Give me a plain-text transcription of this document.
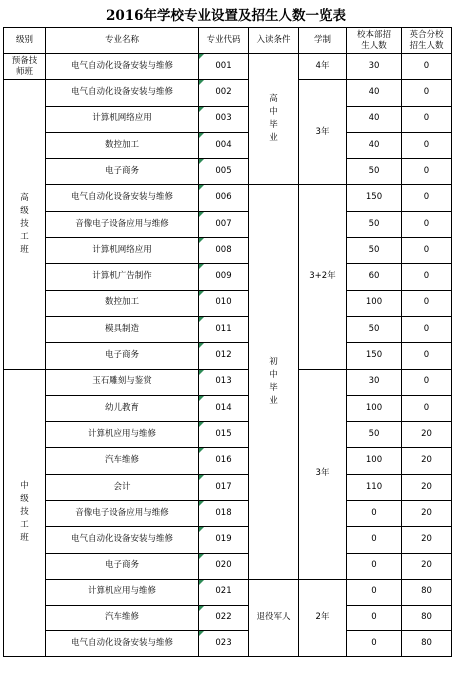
2016年学校专业设置及招生人数一览表
级别	专业名称	专业代码	入读条件	学制	校本部招生人数	英合分校招生人数

预备技师班	电气自动化设备安装与维修	001	高中毕业	4年	30	0

高级技工班	电气自动化设备安装与维修	002		3年	40	0
	计算机网络应用	003			40	0
	数控加工	004			40	0
	电子商务	005			50	0
	电气自动化设备安装与维修	006	初中毕业	3+2年	150	0
	音像电子设备应用与维修	007			50	0
	计算机网络应用	008			50	0
	计算机广告制作	009			60	0
	数控加工	010			100	0
	模具制造	011			50	0
	电子商务	012			150	0

中级技工班	玉石雕刻与鉴赏	013		3年	30	0
	幼儿教育	014			100	0
	计算机应用与维修	015			50	20
	汽车维修	016			100	20
	会计	017			110	20
	音像电子设备应用与维修	018			0	20
	电气自动化设备安装与维修	019			0	20
	电子商务	020			0	20
	计算机应用与维修	021	退役军人	2年	0	80
	汽车维修	022			0	80
	电气自动化设备安装与维修	023			0	80
